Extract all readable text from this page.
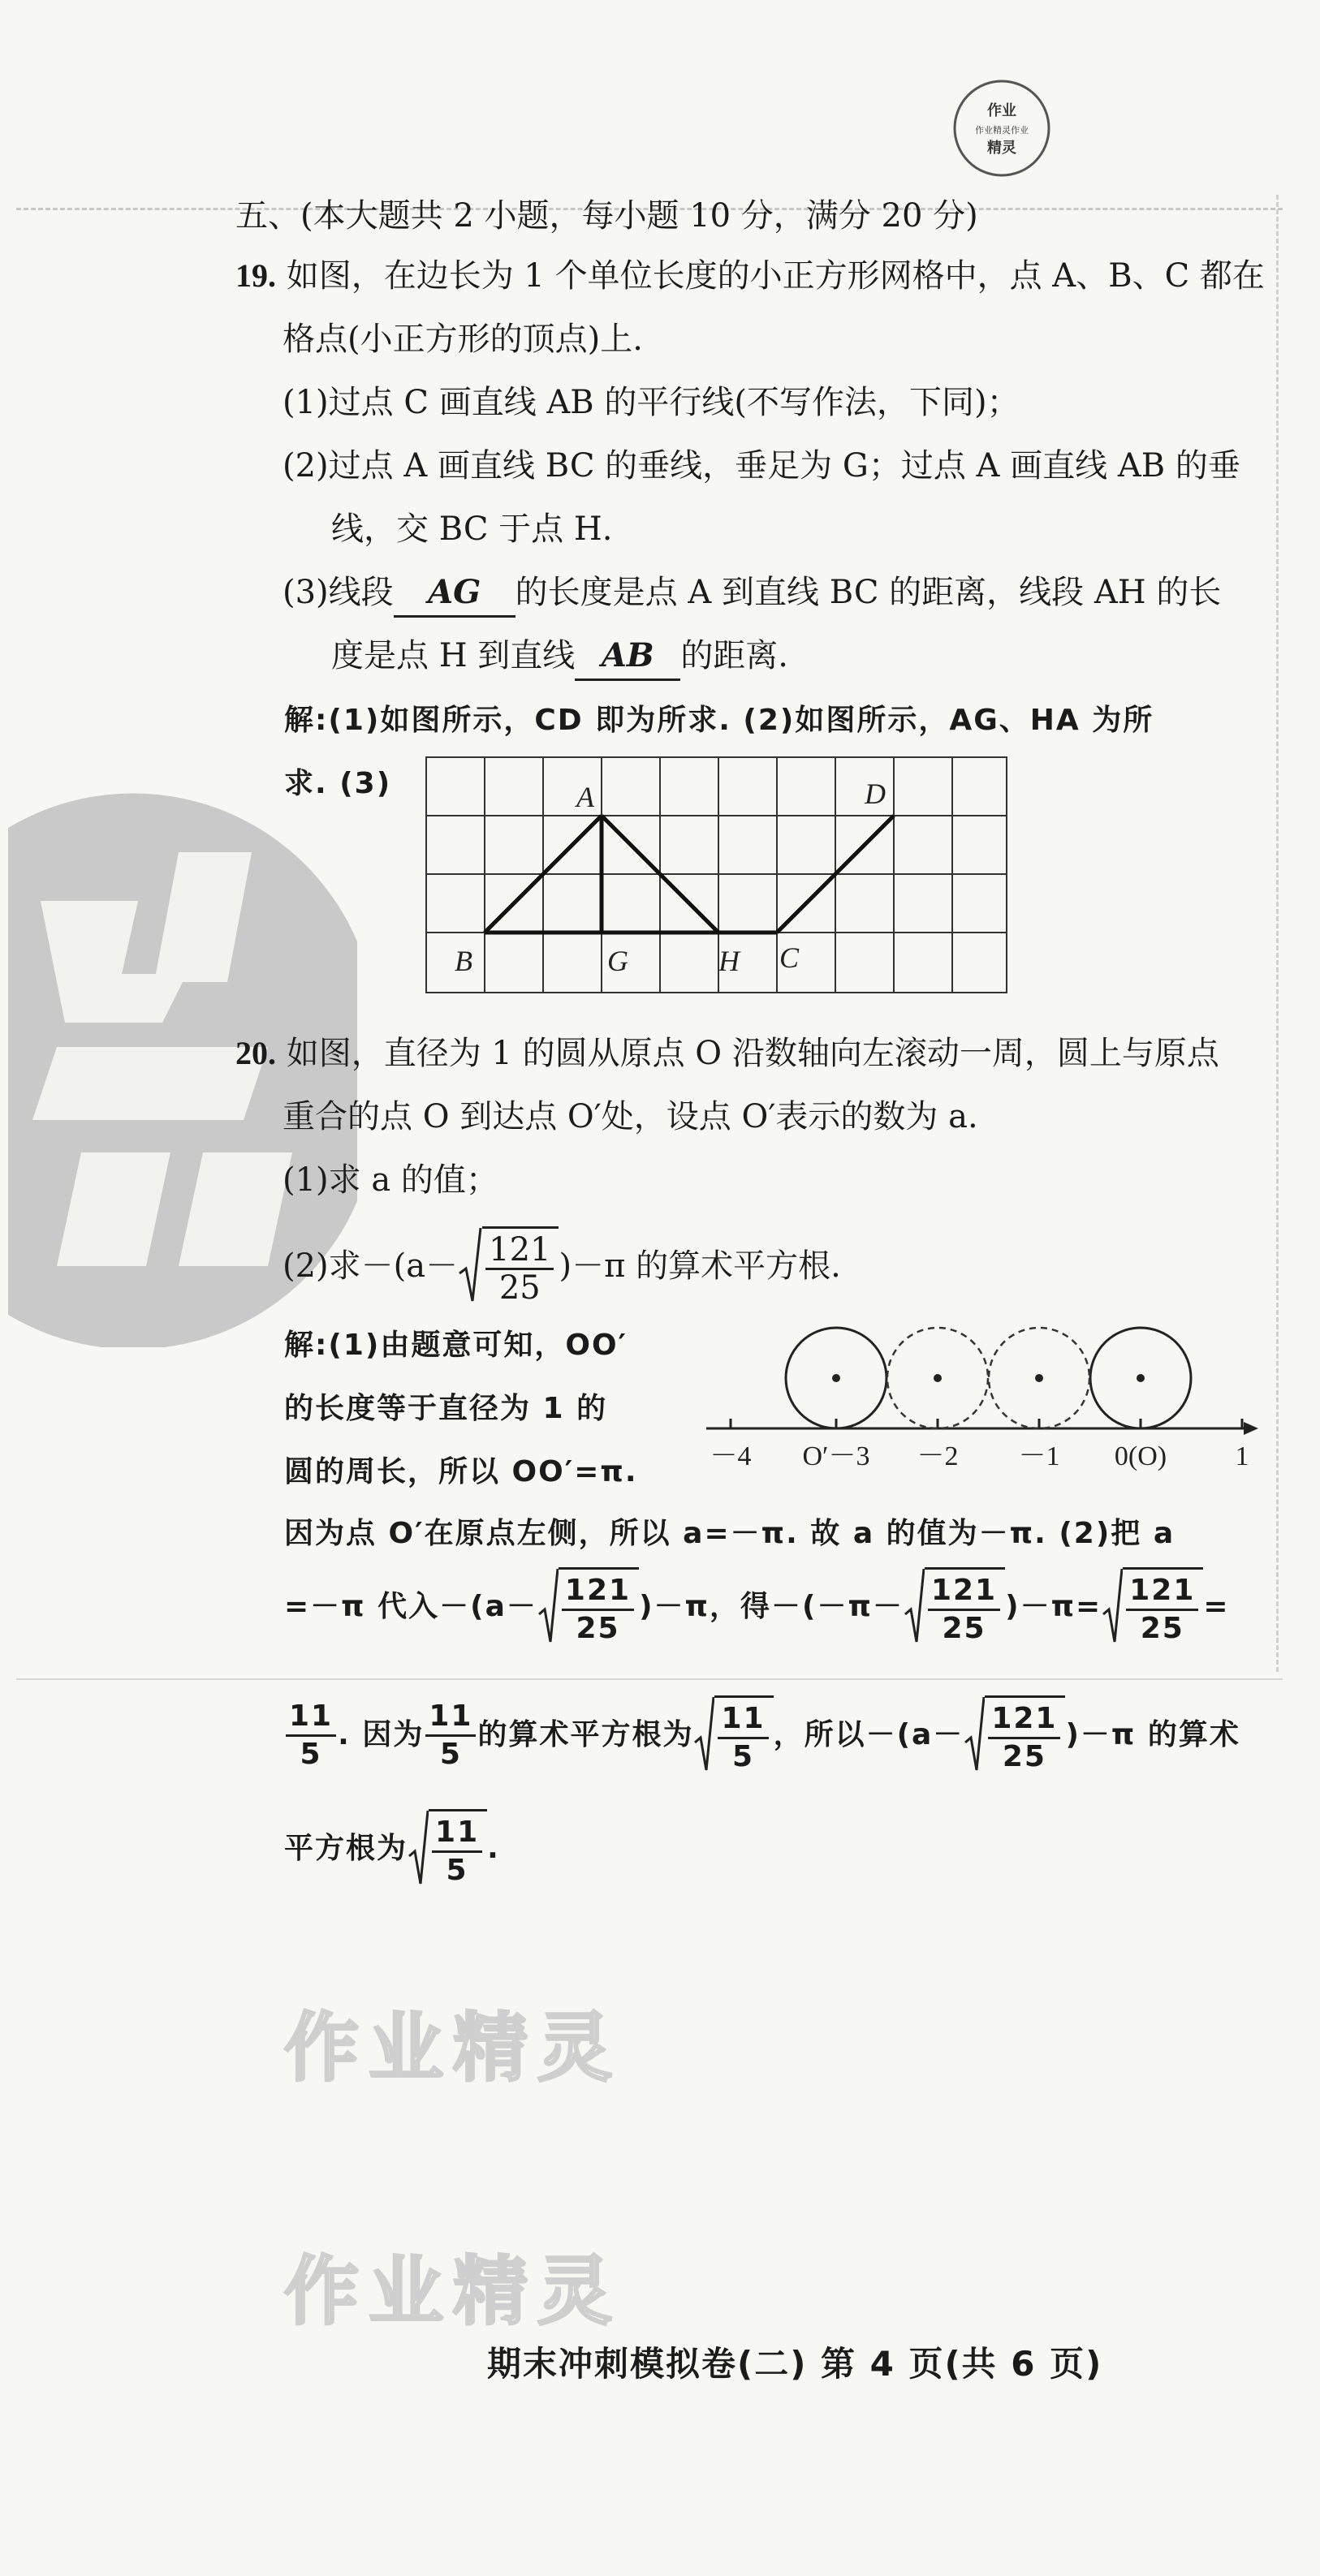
作业
作业精灵作业
精灵
五、(本大题共 2 小题，每小题 10 分，满分 20 分)
19. 如图，在边长为 1 个单位长度的小正方形网格中，点 A、B、C 都在
格点(小正方形的顶点)上.
(1)过点 C 画直线 AB 的平行线(不写作法，下同)；
(2)过点 A 画直线 BC 的垂线，垂足为 G；过点 A 画直线 AB 的垂
线，交 BC 于点 H.
(3)线段 AG 的长度是点 A 到直线 BC 的距离，线段 AH 的长
度是点 H 到直线 AB 的距离.
解:(1)如图所示，CD 即为所求. (2)如图所示，AG、HA 为所
求. (3)	A
B	G	H C
D
20. 如图，直径为 1 的圆从原点 O 沿数轴向左滚动一周，圆上与原点
重合的点 O 到达点 O′处，设点 O′表示的数为 a.
(1)求 a 的值；
(2)求$-(a- \frac{121}{25} )-\pi$ 的算术平方根.
解:(1)由题意可知，OO′
的长度等于直径为 1 的
圆的周长，所以 OO′=π.	－4 O′－3 －2 －1 0(O) 1
因为点 O′在原点左侧，所以 a=－π. 故 a 的值为－π. (2)把 a
=－π 代入$-(a- \frac{121}{25} )-\pi$，得$-(-\pi- \frac{121}{25} )-\pi= \frac{121}{25}$ =
$\frac{11}{5}$ . 因为 $\frac{11}{5}$ 的算术平方根为 $\frac{11}{5}$ ，所以$-(a- \frac{121}{25} )-\pi$ 的算术
平方根为 $\frac{11}{5}$ .
作业精灵
作业精灵
期末冲刺模拟卷(二) 第 4 页(共 6 页)
